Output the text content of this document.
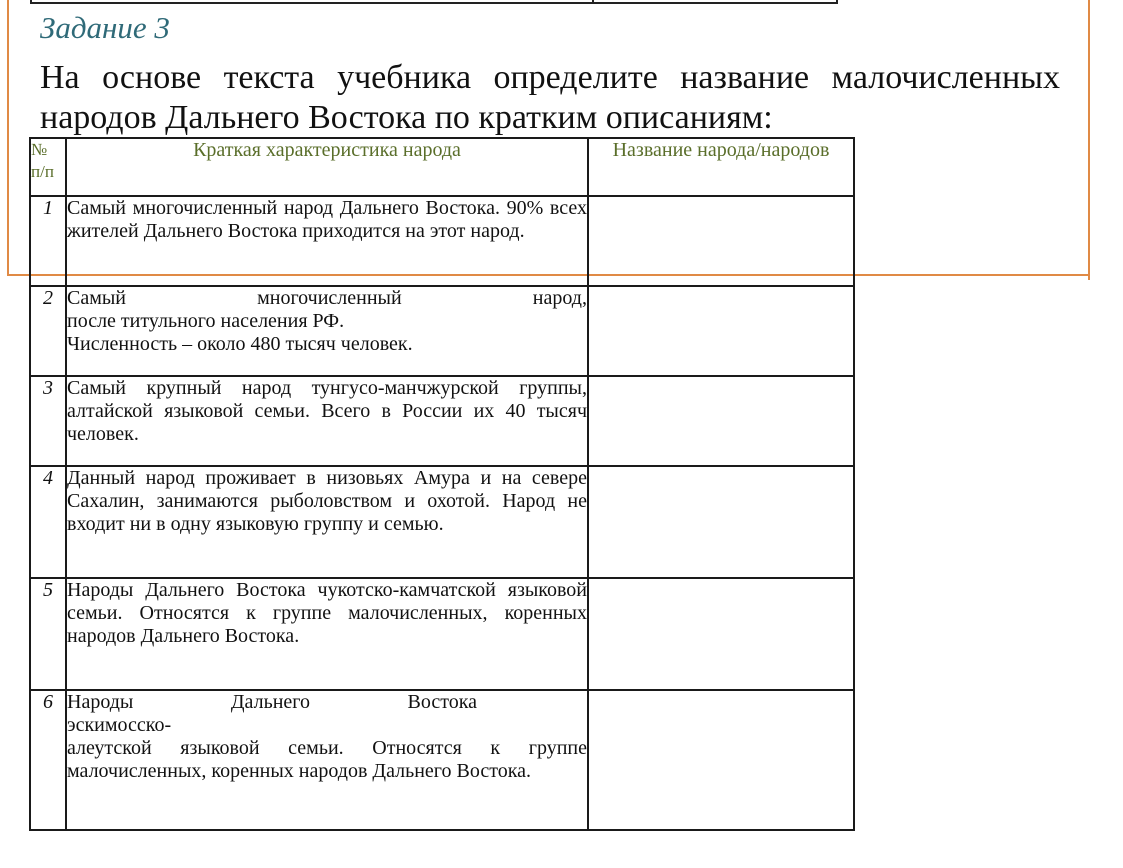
Задание 3

На основе текста учебника определите название малочисленных народов Дальнего Востока по кратким описаниям:

№ п/п	Краткая характеристика народа	Название народа/народов
1	Самый многочисленный народ Дальнего Востока. 90% всех жителей Дальнего Востока приходится на этот народ.	
2	Самый многочисленный народ,
после титульного населения РФ.
Численность – около 480 тысяч человек.	

3	Самый крупный народ тунгусо-манчжурской группы, алтайской языковой семьи. Всего в России их 40 тысяч человек.	
4	Данный народ проживает в низовьях Амура и на севере Сахалин, занимаются рыболовством и охотой. Народ не входит ни в одну языковую группу и семью.	
5	Народы Дальнего Востока чукотско-камчатской языковой семьи. Относятся к группе малочисленных, коренных народов Дальнего Востока.	
6	Народы Дальнего Востока
эскимосско-
алеутской языковой семьи. Относятся к группе малочисленных, коренных народов Дальнего Востока.	
